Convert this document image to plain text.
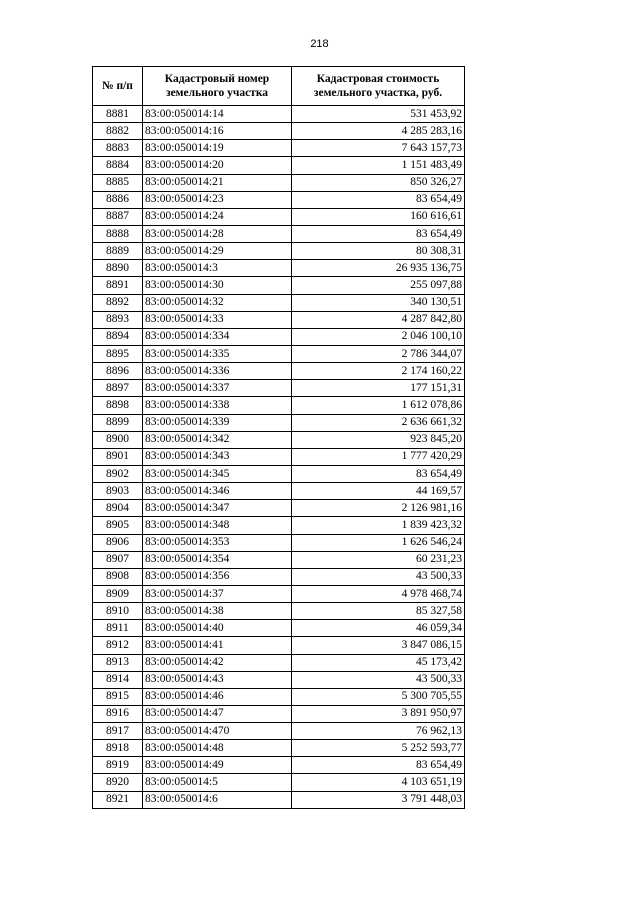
218
№ п/п	Кадастровый номер земельного участка	Кадастровая стоимость земельного участка, руб.
8881	83:00:050014:14	531 453,92
8882	83:00:050014:16	4 285 283,16
8883	83:00:050014:19	7 643 157,73
8884	83:00:050014:20	1 151 483,49
8885	83:00:050014:21	850 326,27
8886	83:00:050014:23	83 654,49
8887	83:00:050014:24	160 616,61
8888	83:00:050014:28	83 654,49
8889	83:00:050014:29	80 308,31
8890	83:00:050014:3	26 935 136,75
8891	83:00:050014:30	255 097,88
8892	83:00:050014:32	340 130,51
8893	83:00:050014:33	4 287 842,80
8894	83:00:050014:334	2 046 100,10
8895	83:00:050014:335	2 786 344,07
8896	83:00:050014:336	2 174 160,22
8897	83:00:050014:337	177 151,31
8898	83:00:050014:338	1 612 078,86
8899	83:00:050014:339	2 636 661,32
8900	83:00:050014:342	923 845,20
8901	83:00:050014:343	1 777 420,29
8902	83:00:050014:345	83 654,49
8903	83:00:050014:346	44 169,57
8904	83:00:050014:347	2 126 981,16
8905	83:00:050014:348	1 839 423,32
8906	83:00:050014:353	1 626 546,24
8907	83:00:050014:354	60 231,23
8908	83:00:050014:356	43 500,33
8909	83:00:050014:37	4 978 468,74
8910	83:00:050014:38	85 327,58
8911	83:00:050014:40	46 059,34
8912	83:00:050014:41	3 847 086,15
8913	83:00:050014:42	45 173,42
8914	83:00:050014:43	43 500,33
8915	83:00:050014:46	5 300 705,55
8916	83:00:050014:47	3 891 950,97
8917	83:00:050014:470	76 962,13
8918	83:00:050014:48	5 252 593,77
8919	83:00:050014:49	83 654,49
8920	83:00:050014:5	4 103 651,19
8921	83:00:050014:6	3 791 448,03
